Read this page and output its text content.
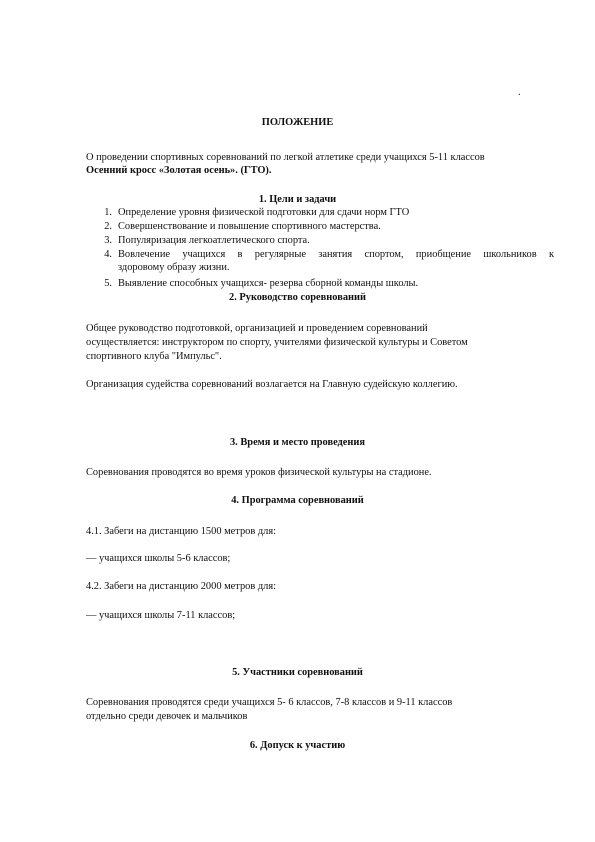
.
ПОЛОЖЕНИЕ
О проведении спортивных соревнований по легкой атлетике среди учащихся 5-11 классов
Осенний кросс «Золотая осень». (ГТО).
1. Цели и задачи
1. Определение уровня физической подготовки для сдачи норм ГТО
2. Совершенствование и повышение спортивного мастерства.
3. Популяризация легкоатлетического спорта.
4. Вовлечение учащихся в регулярные занятия спортом, приобщение школьников к
здоровому образу жизни.
5. Выявление способных учащихся- резерва сборной команды школы.
2. Руководство соревнований
Общее руководство подготовкой, организацией и проведением соревнований
осуществляется: инструктором по спорту, учителями физической культуры и Советом
спортивного клуба "Импульс".
Организация судейства соревнований возлагается на Главную судейскую коллегию.
3. Время и место проведения
Соревнования проводятся во время уроков физической культуры на стадионе.
4. Программа соревнований
4.1. Забеги на дистанцию 1500 метров для:
— учащихся школы 5-6 классов;
4.2. Забеги на дистанцию 2000 метров для:
— учащихся школы 7-11 классов;
5. Участники соревнований
Соревнования проводятся среди учащихся 5- 6 классов, 7-8 классов и 9-11 классов
отдельно среди девочек и мальчиков
6. Допуск к участию
